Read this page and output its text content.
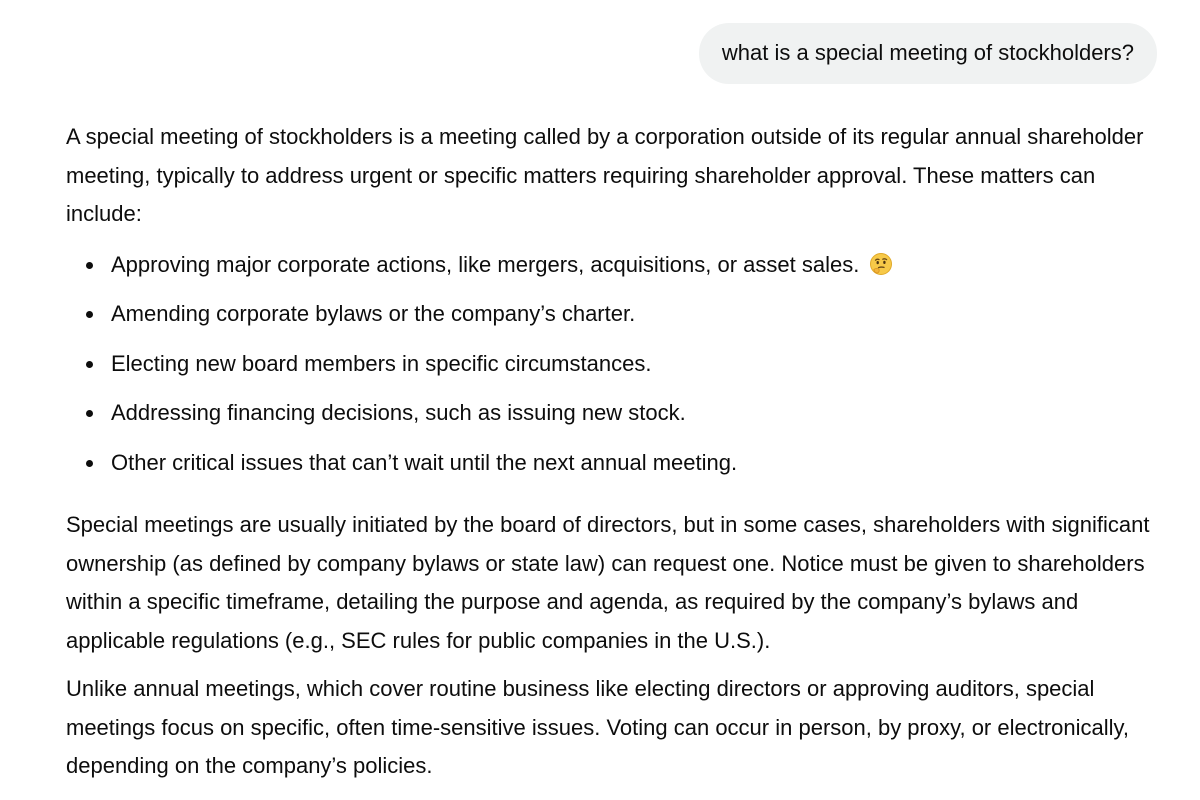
what is a special meeting of stockholders?

A special meeting of stockholders is a meeting called by a corporation outside of its regular annual shareholder meeting, typically to address urgent or specific matters requiring shareholder approval. These matters can include:

Approving major corporate actions, like mergers, acquisitions, or asset sales.
Amending corporate bylaws or the company’s charter.
Electing new board members in specific circumstances.
Addressing financing decisions, such as issuing new stock.
Other critical issues that can’t wait until the next annual meeting.

Special meetings are usually initiated by the board of directors, but in some cases, shareholders with significant ownership (as defined by company bylaws or state law) can request one. Notice must be given to shareholders within a specific timeframe, detailing the purpose and agenda, as required by the company’s bylaws and applicable regulations (e.g., SEC rules for public companies in the U.S.).

Unlike annual meetings, which cover routine business like electing directors or approving auditors, special meetings focus on specific, often time-sensitive issues. Voting can occur in person, by proxy, or electronically, depending on the company’s policies.
